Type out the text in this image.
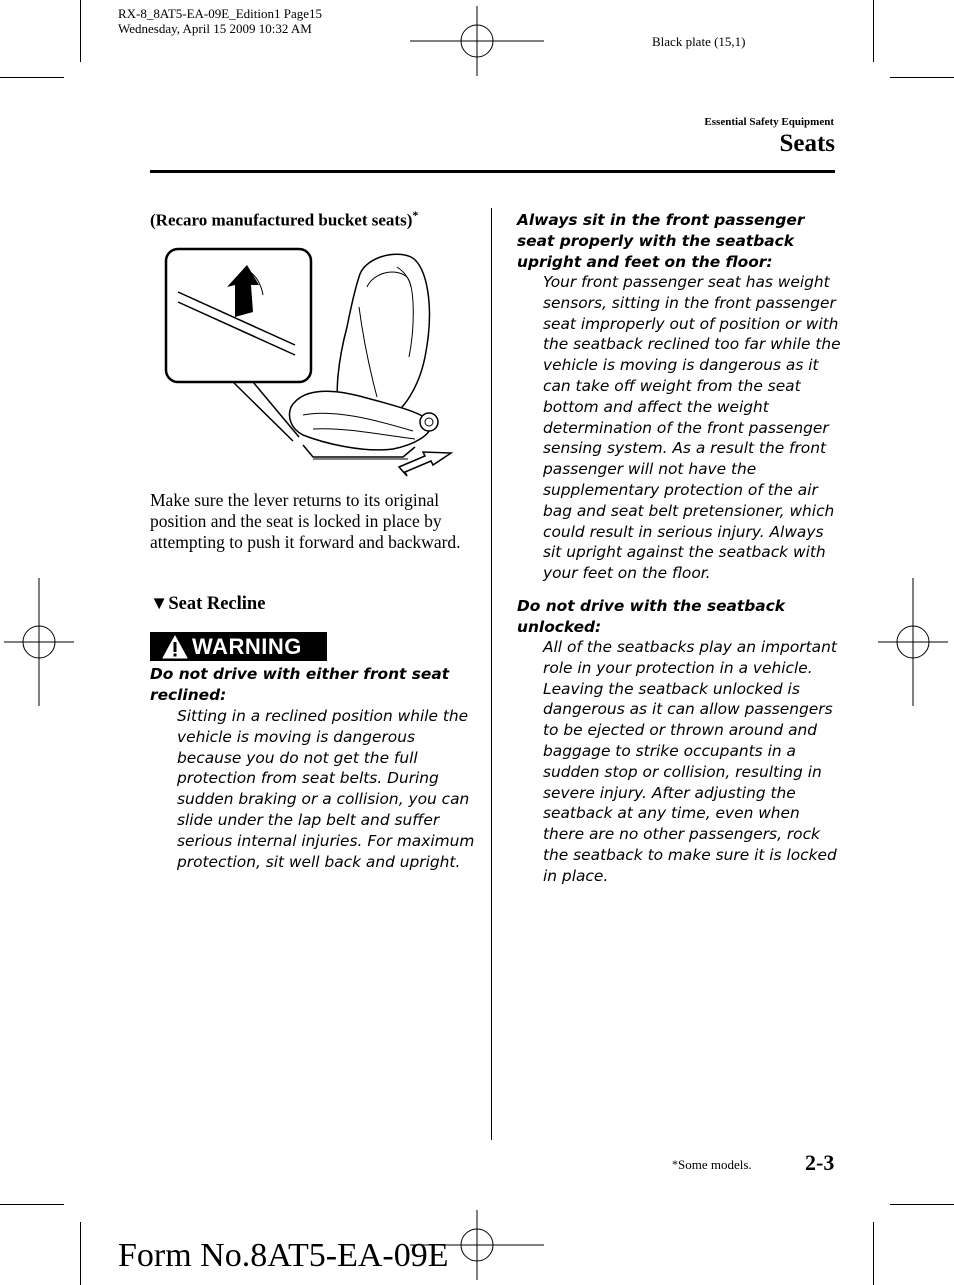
RX-8_8AT5-EA-09E_Edition1 Page15
Wednesday, April 15 2009 10:32 AM
Black plate (15,1)
Essential Safety Equipment
Seats
(Recaro manufactured bucket seats)*
Make sure the lever returns to its original position and the seat is locked in place by attempting to push it forward and backward.
▼Seat Recline
WARNING
Do not drive with either front seat reclined:
Sitting in a reclined position while the vehicle is moving is dangerous because you do not get the full protection from seat belts. During sudden braking or a collision, you can slide under the lap belt and suffer serious internal injuries. For maximum protection, sit well back and upright.
Always sit in the front passenger seat properly with the seatback upright and feet on the floor:
Your front passenger seat has weight sensors, sitting in the front passenger seat improperly out of position or with the seatback reclined too far while the vehicle is moving is dangerous as it can take off weight from the seat bottom and affect the weight determination of the front passenger sensing system. As a result the front passenger will not have the supplementary protection of the air bag and seat belt pretensioner, which could result in serious injury. Always sit upright against the seatback with your feet on the floor.
Do not drive with the seatback unlocked:
All of the seatbacks play an important role in your protection in a vehicle. Leaving the seatback unlocked is dangerous as it can allow passengers to be ejected or thrown around and baggage to strike occupants in a sudden stop or collision, resulting in severe injury. After adjusting the seatback at any time, even when there are no other passengers, rock the seatback to make sure it is locked in place.
*Some models. 2-3
Form No.8AT5-EA-09E
